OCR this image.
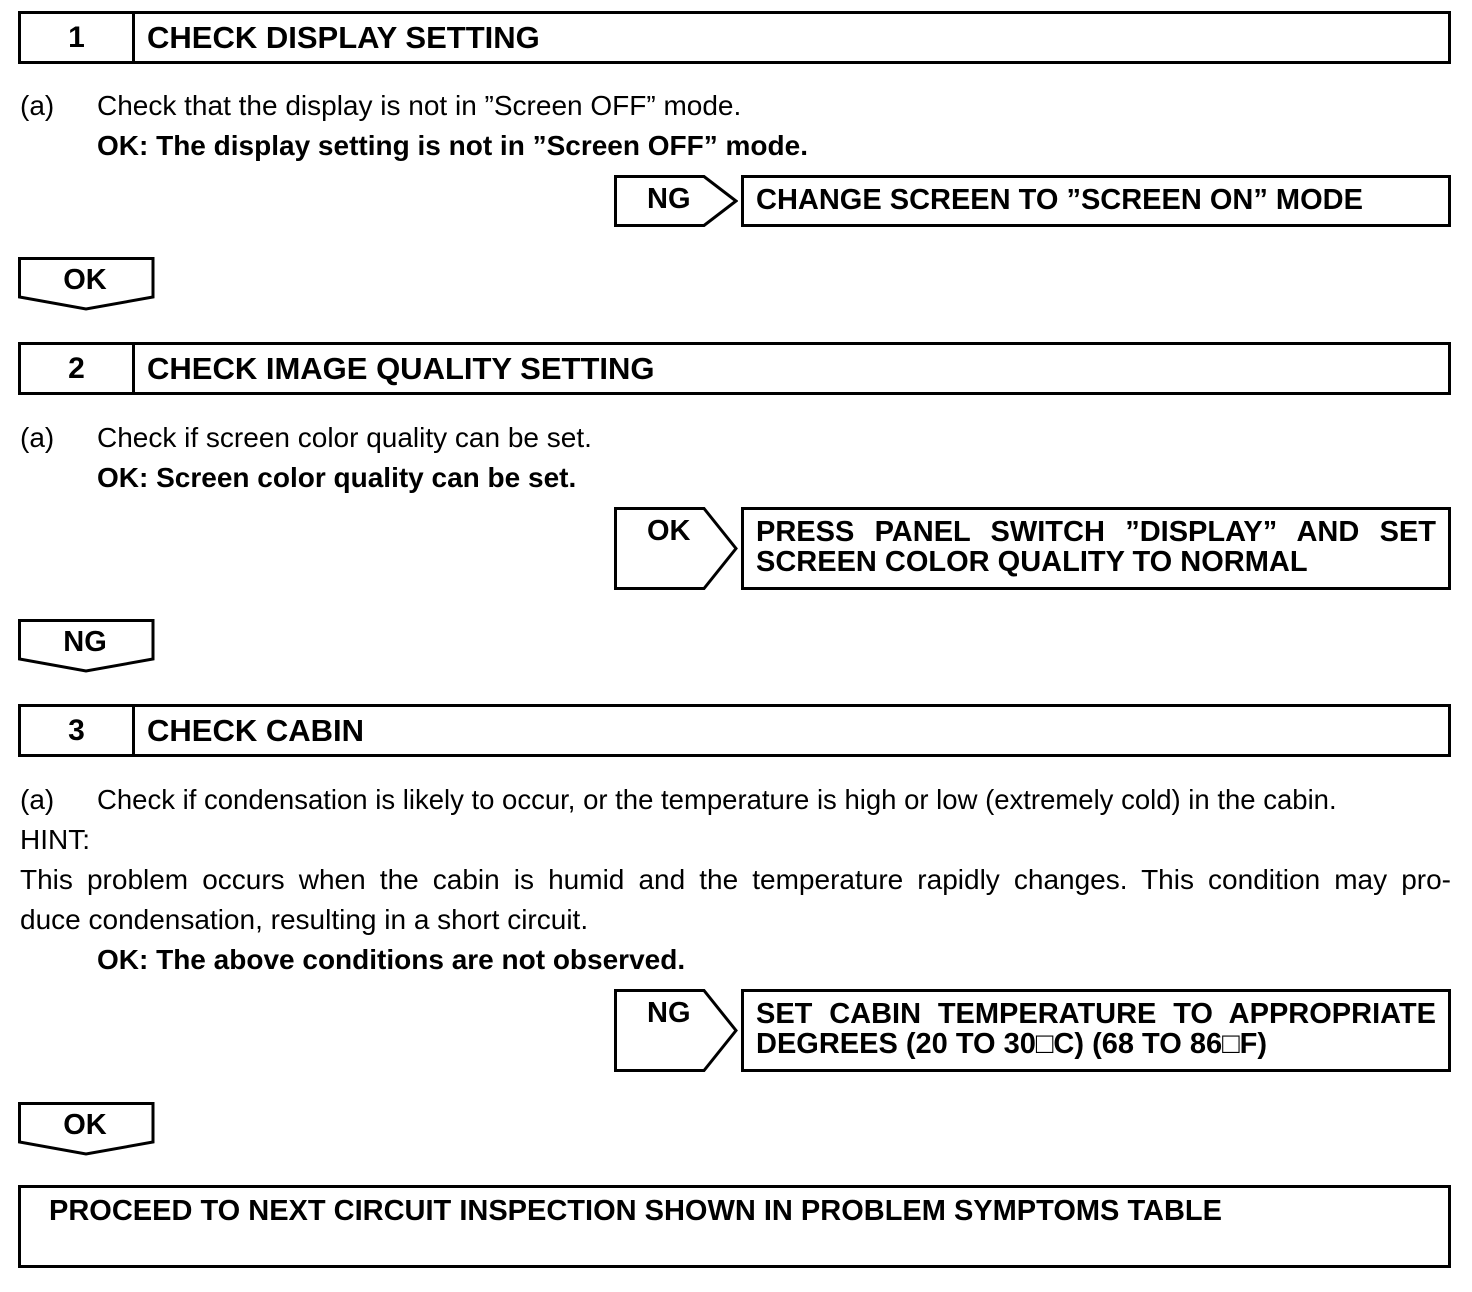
1	CHECK DISPLAY SETTING
(a) Check that the display is not in ”Screen OFF” mode.
OK: The display setting is not in ”Screen OFF” mode.
NG CHANGE SCREEN TO ”SCREEN ON” MODE
OK
2	CHECK IMAGE QUALITY SETTING
(a) Check if screen color quality can be set.
OK: Screen color quality can be set.
OK PRESS PANEL SWITCH ”DISPLAY” AND SET
SCREEN COLOR QUALITY TO NORMAL
NG
3	CHECK CABIN
(a) Check if condensation is likely to occur, or the temperature is high or low (extremely cold) in the cabin.
HINT:
This problem occurs when the cabin is humid and the temperature rapidly changes. This condition may pro-
duce condensation, resulting in a short circuit.
OK: The above conditions are not observed.
NG SET CABIN TEMPERATURE TO APPROPRIATE
DEGREES (20 TO 30□C) (68 TO 86□F)
OK
PROCEED TO NEXT CIRCUIT INSPECTION SHOWN IN PROBLEM SYMPTOMS TABLE
